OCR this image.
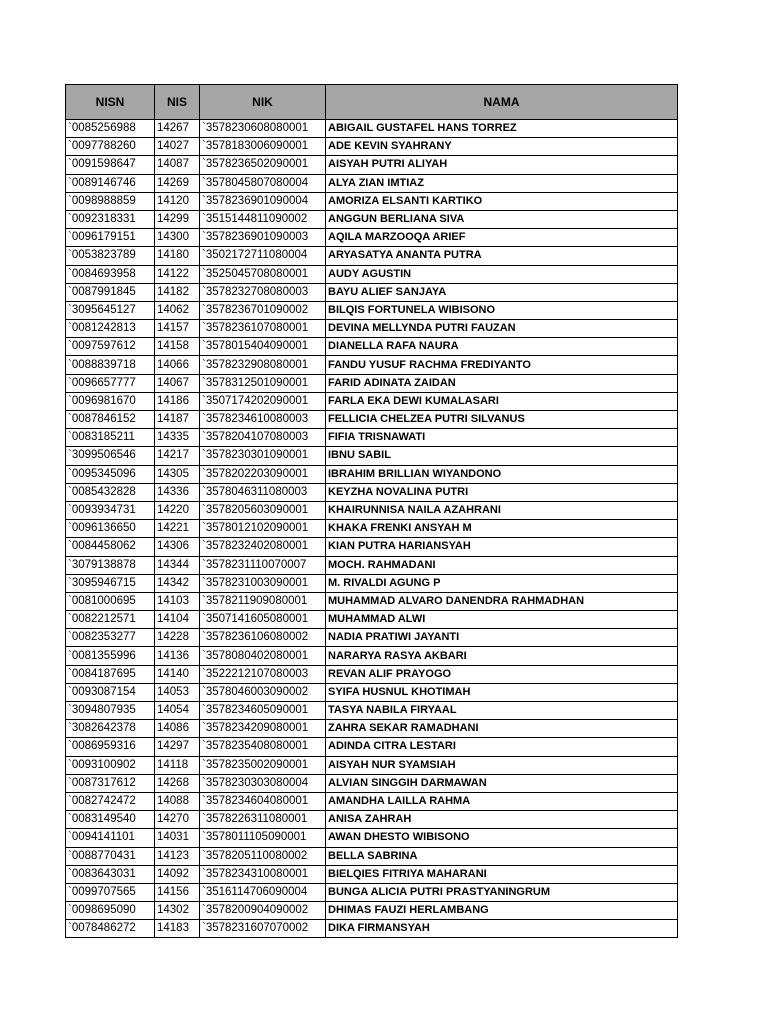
NISN	NIS	NIK	NAMA
`0085256988	14267	`3578230608080001	ABIGAIL GUSTAFEL HANS TORREZ
`0097788260	14027	`3578183006090001	ADE KEVIN SYAHRANY
`0091598647	14087	`3578236502090001	AISYAH PUTRI ALIYAH
`0089146746	14269	`3578045807080004	ALYA ZIAN IMTIAZ
`0098988859	14120	`3578236901090004	AMORIZA ELSANTI KARTIKO
`0092318331	14299	`3515144811090002	ANGGUN BERLIANA SIVA
`0096179151	14300	`3578236901090003	AQILA MARZOOQA ARIEF
`0053823789	14180	`3502172711080004	ARYASATYA ANANTA PUTRA
`0084693958	14122	`3525045708080001	AUDY AGUSTIN
`0087991845	14182	`3578232708080003	BAYU ALIEF SANJAYA
`3095645127	14062	`3578236701090002	BILQIS FORTUNELA WIBISONO
`0081242813	14157	`3578236107080001	DEVINA MELLYNDA PUTRI FAUZAN
`0097597612	14158	`3578015404090001	DIANELLA RAFA NAURA
`0088839718	14066	`3578232908080001	FANDU YUSUF RACHMA FREDIYANTO
`0096657777	14067	`3578312501090001	FARID ADINATA ZAIDAN
`0096981670	14186	`3507174202090001	FARLA EKA DEWI KUMALASARI
`0087846152	14187	`3578234610080003	FELLICIA CHELZEA PUTRI SILVANUS
`0083185211	14335	`3578204107080003	FIFIA TRISNAWATI
`3099506546	14217	`3578230301090001	IBNU SABIL
`0095345096	14305	`3578202203090001	IBRAHIM BRILLIAN WIYANDONO
`0085432828	14336	`3578046311080003	KEYZHA NOVALINA PUTRI
`0093934731	14220	`3578205603090001	KHAIRUNNISA NAILA AZAHRANI
`0096136650	14221	`3578012102090001	KHAKA FRENKI ANSYAH M
`0084458062	14306	`3578232402080001	KIAN PUTRA HARIANSYAH
`3079138878	14344	`3578231110070007	MOCH. RAHMADANI
`3095946715	14342	`3578231003090001	M. RIVALDI AGUNG P
`0081000695	14103	`3578211909080001	MUHAMMAD ALVARO DANENDRA RAHMADHAN
`0082212571	14104	`3507141605080001	MUHAMMAD ALWI
`0082353277	14228	`3578236106080002	NADIA PRATIWI JAYANTI
`0081355996	14136	`3578080402080001	NARARYA RASYA AKBARI
`0084187695	14140	`3522212107080003	REVAN ALIF PRAYOGO
`0093087154	14053	`3578046003090002	SYIFA HUSNUL KHOTIMAH
`3094807935	14054	`3578234605090001	TASYA NABILA FIRYAAL
`3082642378	14086	`3578234209080001	ZAHRA SEKAR RAMADHANI
`0086959316	14297	`3578235408080001	ADINDA CITRA LESTARI
`0093100902	14118	`3578235002090001	AISYAH NUR SYAMSIAH
`0087317612	14268	`3578230303080004	ALVIAN SINGGIH DARMAWAN
`0082742472	14088	`3578234604080001	AMANDHA LAILLA RAHMA
`0083149540	14270	`3578226311080001	ANISA ZAHRAH
`0094141101	14031	`3578011105090001	AWAN DHESTO WIBISONO
`0088770431	14123	`3578205110080002	BELLA SABRINA
`0083643031	14092	`3578234310080001	BIELQIES FITRIYA MAHARANI
`0099707565	14156	`3516114706090004	BUNGA ALICIA PUTRI PRASTYANINGRUM
`0098695090	14302	`3578200904090002	DHIMAS FAUZI HERLAMBANG
`0078486272	14183	`3578231607070002	DIKA FIRMANSYAH
